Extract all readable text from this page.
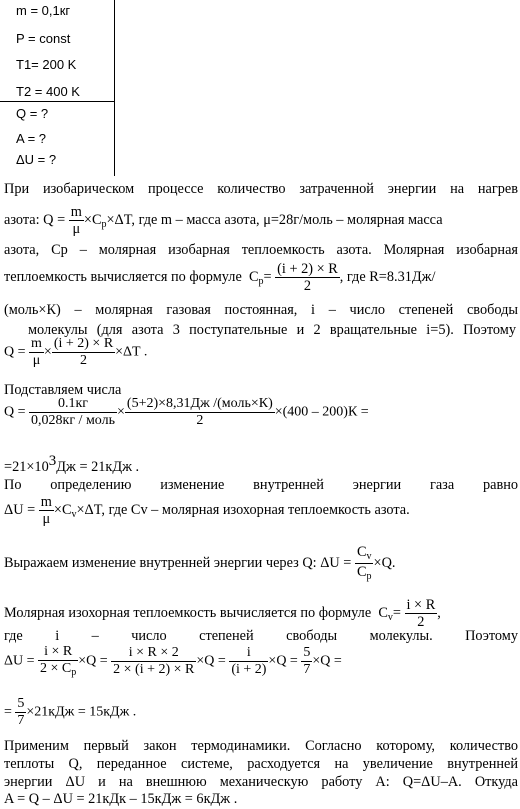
m = 0,1кг
P = const
T1= 200 K
T2 = 400 K
Q = ?
A = ?
ΔU = ?
При изобарическом процессе количество затраченной энергии на нагрев
азота: $Q = \frac{m}{\mu} \times C_p\times\Delta T$, где m – масса азота, μ=28г/моль – молярная масса
азота, Cp – молярная изобарная теплоемкость азота. Молярная изобарная
теплоемкость вычисляется по формуле $C_p= \frac{(i + 2) \times R}{2}$ , где R=8.31Дж/
(моль×К) – молярная газовая постоянная, i – число степеней свободы
молекулы (для азота 3 поступательные и 2 вращательные i=5). Поэтому
$Q = \frac{m}{\mu} \times \frac{(i + 2) \times R}{2} \times\Delta T$ .
Подставляем числа
$Q = \frac{0.1кг}{\text{0,028кг / моль}} \times \frac{\text{(5+2)×8,31Дж /(моль×К)}}{2} \times(400 - 200)К$ =
=21×103Дж = 21кДж .
По определению изменение внутренней энергии газа равно
$\Delta U = \frac{m}{\mu} \times C_v\times\Delta T$, где Cv – молярная изохорная теплоемкость азота.
Выражаем изменение внутренней энергии через Q: $\Delta U = \frac{C_v}{C_p} \times Q$.
Молярная изохорная теплоемкость вычисляется по формуле $C_v= \frac{i \times R}{2}$ ,
где i – число степеней свободы молекулы. Поэтому
$\Delta U = \frac{i \times R}{2 \times C_p} \times Q = \frac{i \times R \times 2}{2 \times (i + 2) \times R} \times Q = \frac{i}{(i + 2)} \times Q = \frac{5}{7} \times Q$ =
= $\frac{5}{7} \times 21кДж = 15кДж$ .
Применим первый закон термодинамики. Согласно которому, количество
теплоты Q, переданное системе, расходуется на увеличение внутренней
энергии ΔU и на внешнюю механическую работу A: Q=ΔU–A. Откуда
A = Q – ΔU = 21кДк – 15кДж = 6кДж .
